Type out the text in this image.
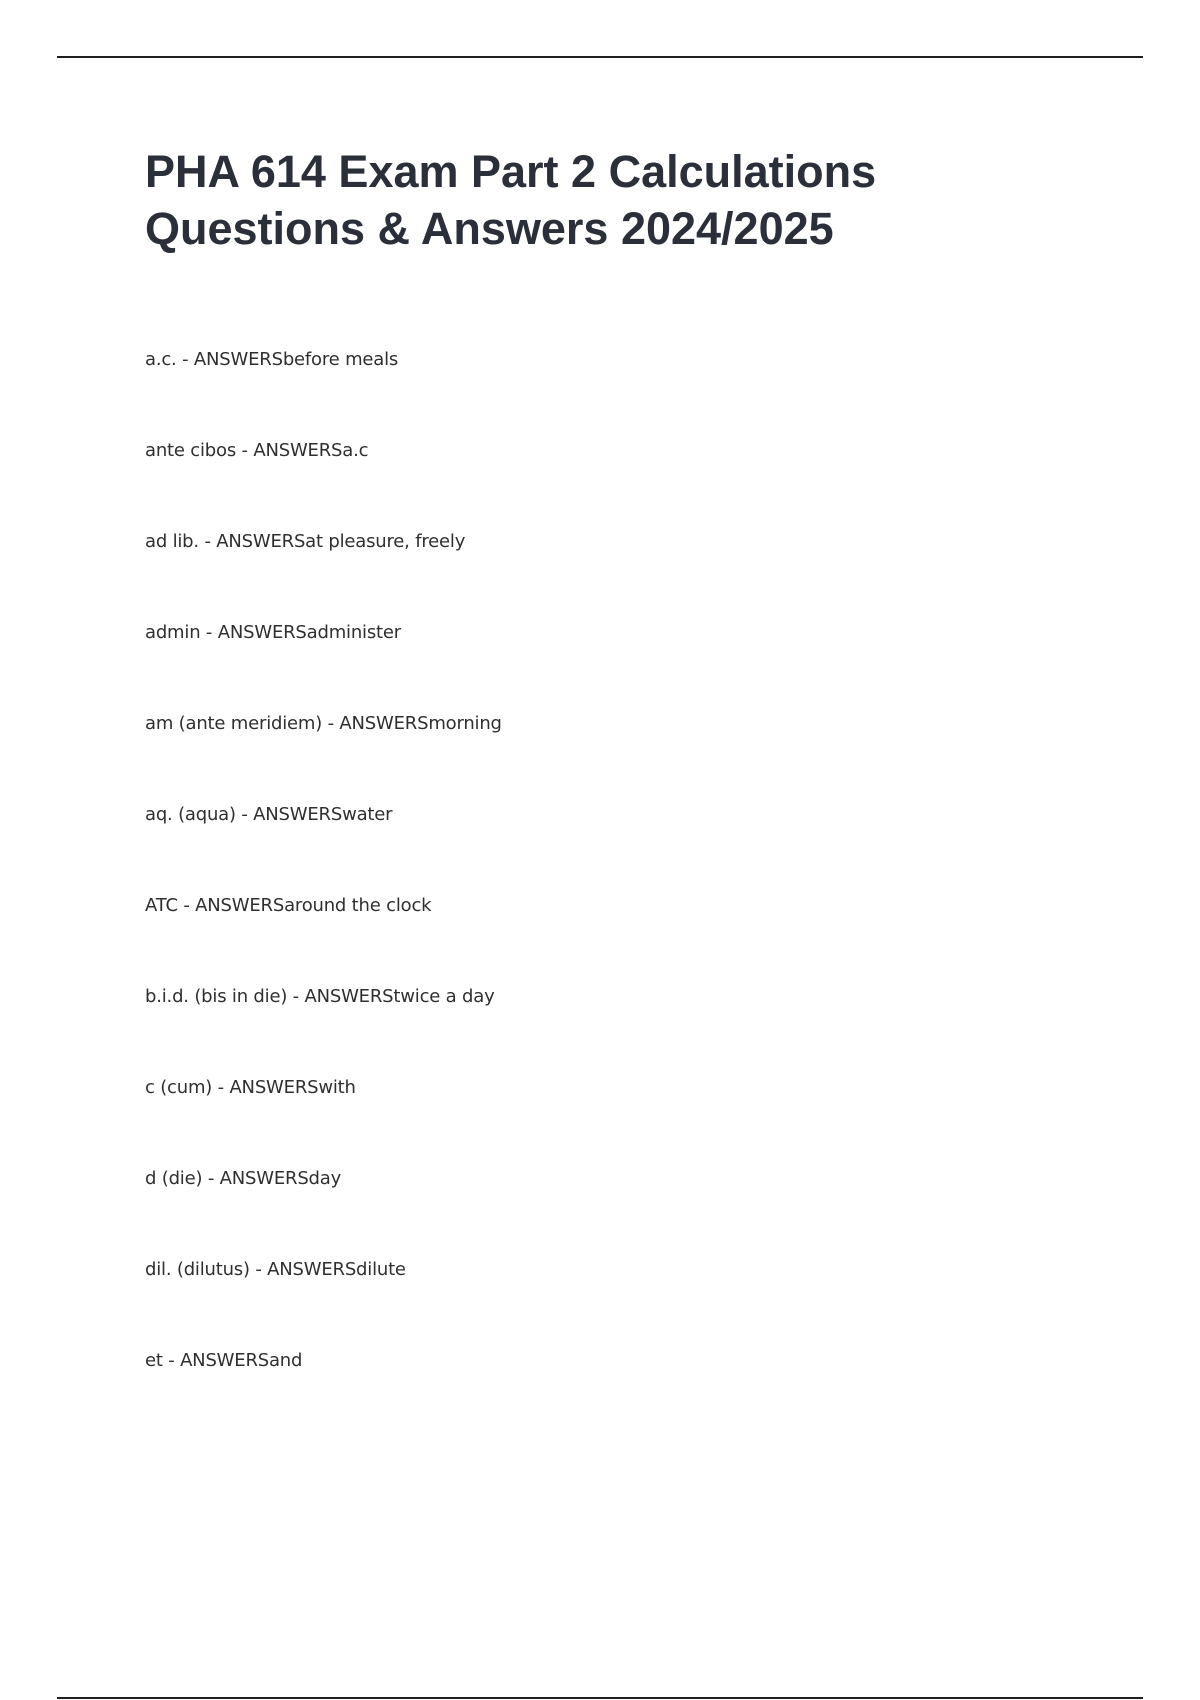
PHA 614 Exam Part 2 Calculations
Questions & Answers 2024/2025
a.c. - ANSWERSbefore meals
ante cibos - ANSWERSa.c
ad lib. - ANSWERSat pleasure, freely
admin - ANSWERSadminister
am (ante meridiem) - ANSWERSmorning
aq. (aqua) - ANSWERSwater
ATC - ANSWERSaround the clock
b.i.d. (bis in die) - ANSWERStwice a day
c (cum) - ANSWERSwith
d (die) - ANSWERSday
dil. (dilutus) - ANSWERSdilute
et - ANSWERSand
